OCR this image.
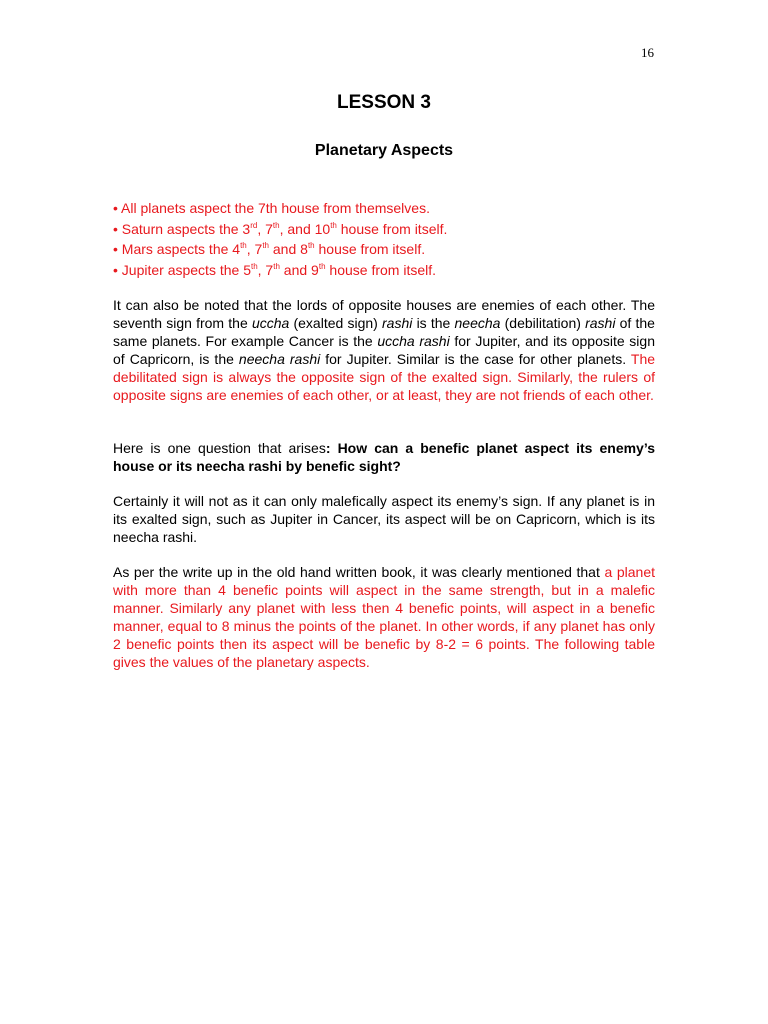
16
LESSON 3
Planetary Aspects
• All planets aspect the 7th house from themselves.
• Saturn aspects the 3rd, 7th, and 10th house from itself.
• Mars aspects the 4th, 7th and 8th house from itself.
• Jupiter aspects the 5th, 7th and 9th house from itself.

It can also be noted that the lords of opposite houses are enemies of each other. The seventh sign from the uccha (exalted sign) rashi is the neecha (debilitation) rashi of the same planets. For example Cancer is the uccha rashi for Jupiter, and its opposite sign of Capricorn, is the neecha rashi for Jupiter. Similar is the case for other planets. The debilitated sign is always the opposite sign of the exalted sign. Similarly, the rulers of opposite signs are enemies of each other, or at least, they are not friends of each other.

Here is one question that arises: How can a benefic planet aspect its enemy’s house or its neecha rashi by benefic sight?

Certainly it will not as it can only malefically aspect its enemy’s sign. If any planet is in its exalted sign, such as Jupiter in Cancer, its aspect will be on Capricorn, which is its neecha rashi.

As per the write up in the old hand written book, it was clearly mentioned that a planet with more than 4 benefic points will aspect in the same strength, but in a malefic manner. Similarly any planet with less then 4 benefic points, will aspect in a benefic manner, equal to 8 minus the points of the planet. In other words, if any planet has only 2 benefic points then its aspect will be benefic by 8-2 = 6 points. The following table gives the values of the planetary aspects.
